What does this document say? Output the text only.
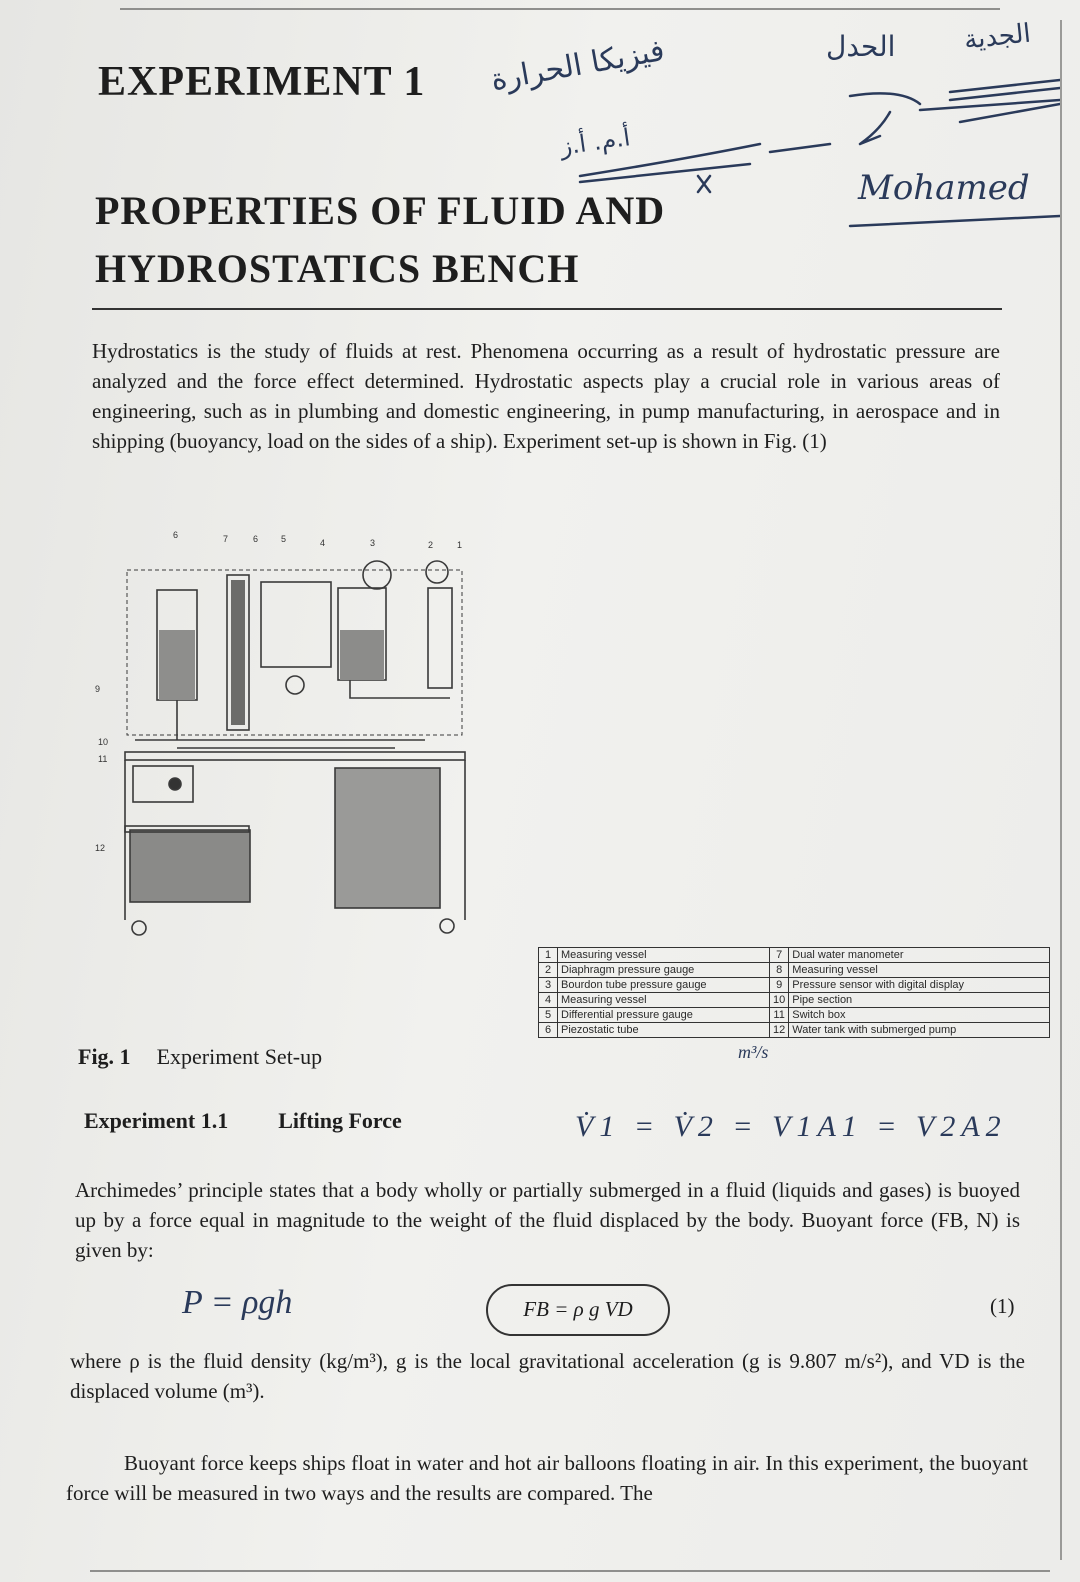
EXPERIMENT 1 فيزيكا الحرارة
أ.م. أ.ز
الحدل	الجدية
Mohamed
PROPERTIES OF FLUID AND
HYDROSTATICS BENCH

Hydrostatics is the study of fluids at rest. Phenomena occurring as a result of hydrostatic pressure are analyzed and the force effect determined. Hydrostatic aspects play a crucial role in various areas of engineering, such as in plumbing and domestic engineering, in pump manufacturing, in aerospace and in shipping (buoyancy, load on the sides of a ship). Experiment set-up is shown in Fig. (1)

6	7	6	5	4	3	2	1
9
10
11
12
1	Measuring vessel	7	Dual water manometer
2	Diaphragm pressure gauge	8	Measuring vessel
3	Bourdon tube pressure gauge	9	Pressure sensor with digital display
4	Measuring vessel	10	Pipe section
5	Differential pressure gauge	11	Switch box
6	Piezostatic tube	12	Water tank with submerged pump

Fig. 1 Experiment Set-up	m³/s
V̇1 = V̇2 = V1A1 = V2A2
Experiment 1.1 Lifting Force

Archimedes’ principle states that a body wholly or partially submerged in a fluid (liquids and gases) is buoyed up by a force equal in magnitude to the weight of the fluid displaced by the body. Buoyant force (FB, N) is given by:

P = ρgh	FB = ρ g VD	(1)

where ρ is the fluid density (kg/m³), g is the local gravitational acceleration (g is 9.807 m/s²), and VD is the displaced volume (m³).

Buoyant force keeps ships float in water and hot air balloons floating in air. In this experiment, the buoyant force will be measured in two ways and the results are compared. The
